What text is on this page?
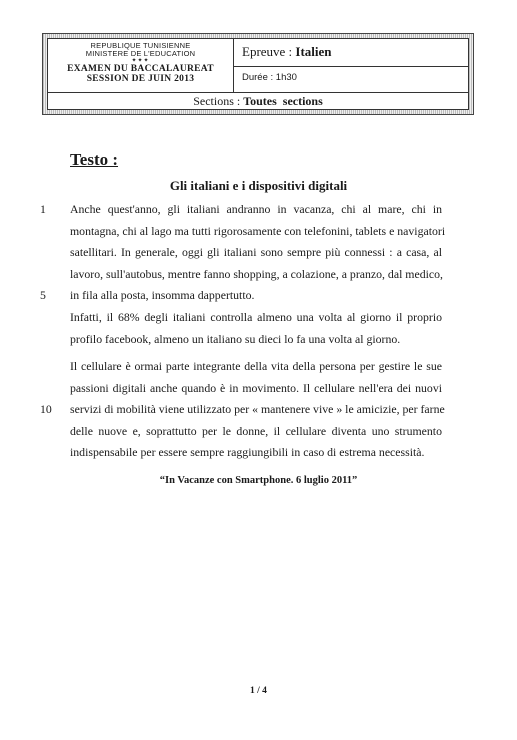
REPUBLIQUE TUNISIENNE
MINISTERE DE L'EDUCATION
✦✦✦
EXAMEN DU BACCALAUREAT
SESSION DE JUIN 2013
Epreuve : Italien
Durée : 1h30
Sections : Toutes  sections
Testo :
Gli italiani e i dispositivi digitali
1
5
10
Anche quest'anno, gli italiani andranno in vacanza, chi al mare, chi in
montagna, chi al lago ma tutti rigorosamente con telefonini, tablets e navigatori
satellitari. In generale, oggi gli italiani sono sempre più connessi : a casa, al
lavoro, sull'autobus, mentre fanno shopping, a colazione, a pranzo, dal medico,
in fila alla posta, insomma dappertutto.
Infatti, il 68% degli italiani controlla almeno una volta al giorno il proprio
profilo facebook, almeno un italiano su dieci lo fa una volta al giorno.
Il cellulare è ormai parte integrante della vita della persona per gestire le sue
passioni digitali anche quando è in movimento. Il cellulare nell'era dei nuovi
servizi di mobilità viene utilizzato per « mantenere vive » le amicizie, per farne
delle nuove e, soprattutto per le donne, il cellulare diventa uno strumento
indispensabile per essere sempre raggiungibili in caso di estrema necessità.
“In Vacanze con Smartphone. 6 luglio 2011”
1 / 4
